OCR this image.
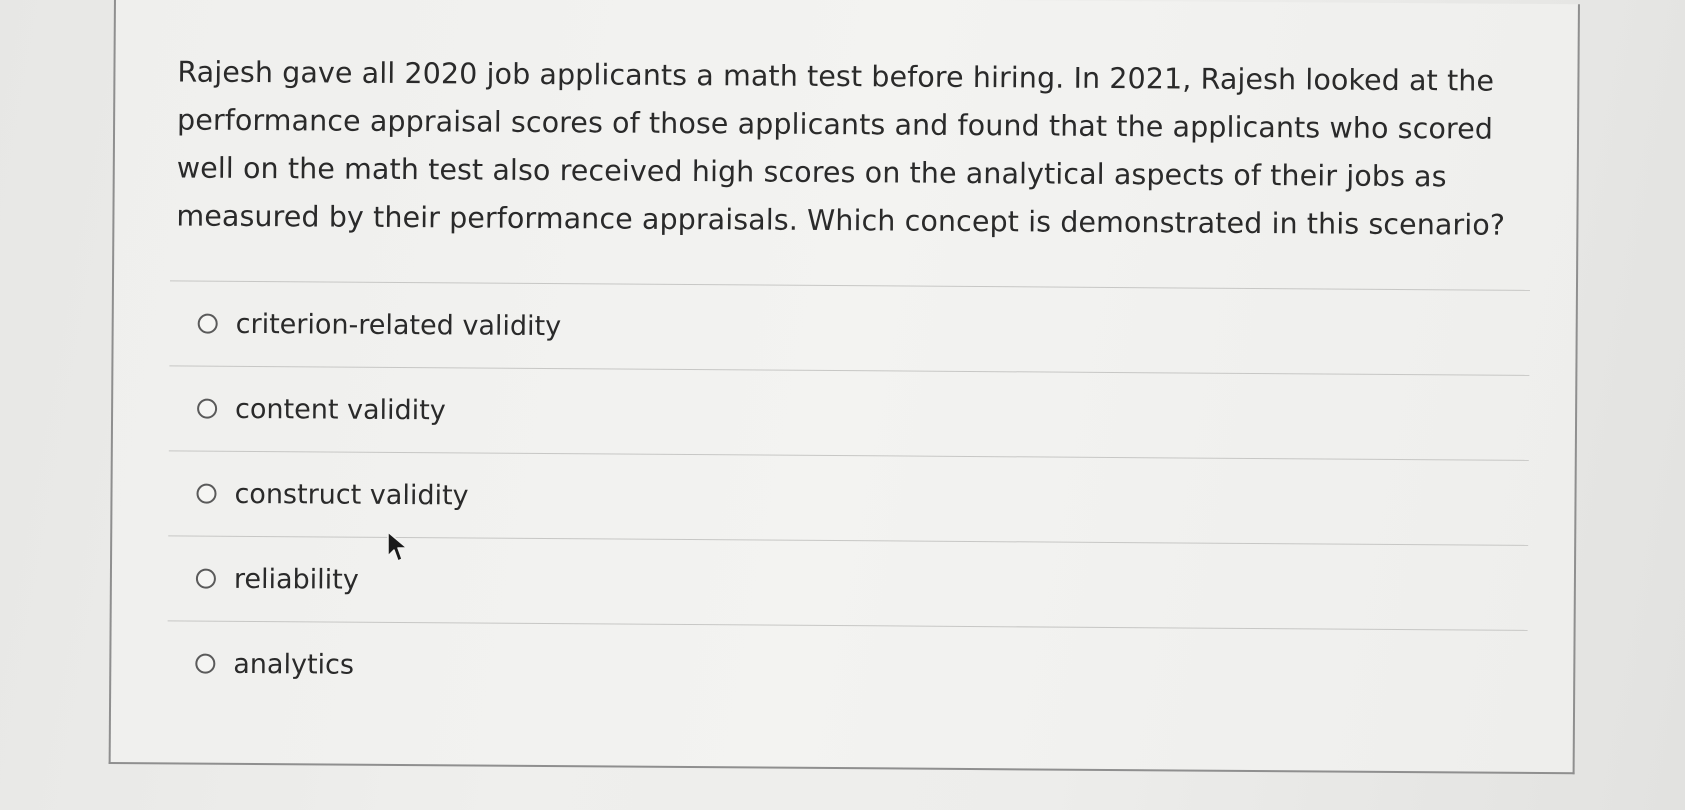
Rajesh gave all 2020 job applicants a math test before hiring. In 2021, Rajesh looked at the performance appraisal scores of those applicants and found that the applicants who scored well on the math test also received high scores on the analytical aspects of their jobs as measured by their performance appraisals. Which concept is demonstrated in this scenario?

criterion-related validity
content validity
construct validity
reliability
analytics
